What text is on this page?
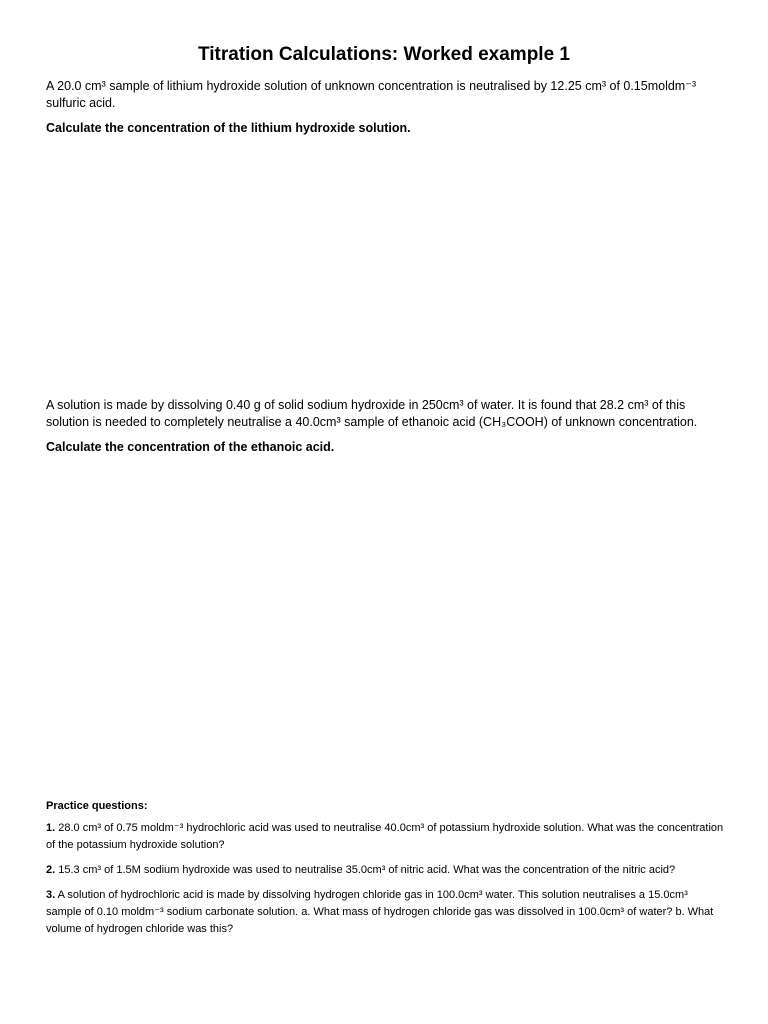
Titration Calculations: Worked example 1

A 20.0 cm³ sample of lithium hydroxide solution of unknown concentration is neutralised by 12.25 cm³ of 0.15moldm⁻³ sulfuric acid.

Calculate the concentration of the lithium hydroxide solution.

A solution is made by dissolving 0.40 g of solid sodium hydroxide in 250cm³ of water. It is found that 28.2 cm³ of this solution is needed to completely neutralise a 40.0cm³ sample of ethanoic acid (CH₃COOH) of unknown concentration.

Calculate the concentration of the ethanoic acid.

Practice questions:

1. 28.0 cm³ of 0.75 moldm⁻³ hydrochloric acid was used to neutralise 40.0cm³ of potassium hydroxide solution. What was the concentration of the potassium hydroxide solution?

2. 15.3 cm³ of 1.5M sodium hydroxide was used to neutralise 35.0cm³ of nitric acid. What was the concentration of the nitric acid?

3. A solution of hydrochloric acid is made by dissolving hydrogen chloride gas in 100.0cm³ water. This solution neutralises a 15.0cm³ sample of 0.10 moldm⁻³ sodium carbonate solution. a. What mass of hydrogen chloride gas was dissolved in 100.0cm³ of water? b. What volume of hydrogen chloride was this?
